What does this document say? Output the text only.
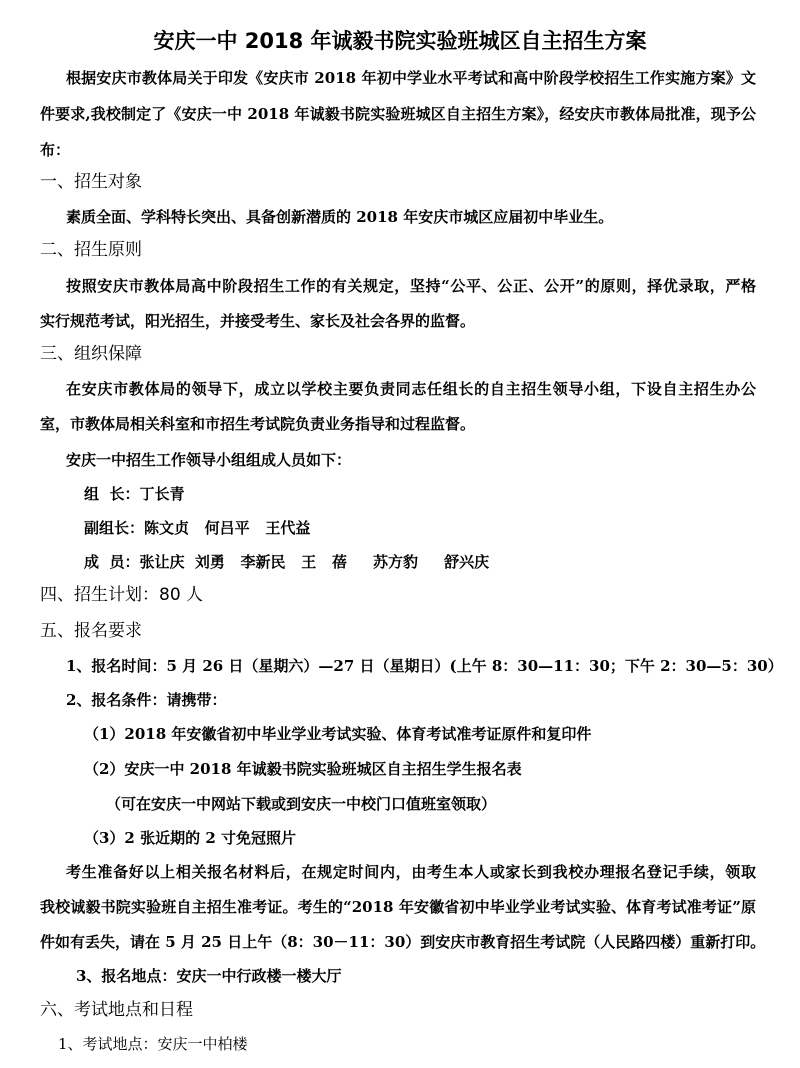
安庆一中 2018 年诚毅书院实验班城区自主招生方案
根据安庆市教体局关于印发《安庆市 2018 年初中学业水平考试和高中阶段学校招生工作实施方案》文
件要求,我校制定了《安庆一中 2018 年诚毅书院实验班城区自主招生方案》，经安庆市教体局批准，现予公
布：
一、招生对象
素质全面、学科特长突出、具备创新潜质的 2018 年安庆市城区应届初中毕业生。
二、招生原则
按照安庆市教体局高中阶段招生工作的有关规定，坚持“公平、公正、公开”的原则，择优录取，严格
实行规范考试，阳光招生，并接受考生、家长及社会各界的监督。
三、组织保障
在安庆市教体局的领导下，成立以学校主要负责同志任组长的自主招生领导小组，下设自主招生办公
室，市教体局相关科室和市招生考试院负责业务指导和过程监督。
安庆一中招生工作领导小组组成人员如下：
组  长：丁长青
副组长：陈文贞   何吕平   王代益
成  员：张让庆  刘勇   李新民   王   蓓     苏方豹     舒兴庆
四、招生计划：80 人
五、报名要求
1、报名时间：5 月 26 日（星期六）—27 日（星期日）(上午 8：30—11：30；下午 2：30—5：30）
2、报名条件：请携带：
（1）2018 年安徽省初中毕业学业考试实验、体育考试准考证原件和复印件
（2）安庆一中 2018 年诚毅书院实验班城区自主招生学生报名表
（可在安庆一中网站下载或到安庆一中校门口值班室领取）
（3）2 张近期的 2 寸免冠照片
考生准备好以上相关报名材料后，在规定时间内，由考生本人或家长到我校办理报名登记手续，领取
我校诚毅书院实验班自主招生准考证。考生的“2018 年安徽省初中毕业学业考试实验、体育考试准考证”原
件如有丢失，请在 5 月 25 日上午（8：30－11：30）到安庆市教育招生考试院（人民路四楼）重新打印。
3、报名地点：安庆一中行政楼一楼大厅
六、考试地点和日程
1、考试地点：安庆一中柏楼
